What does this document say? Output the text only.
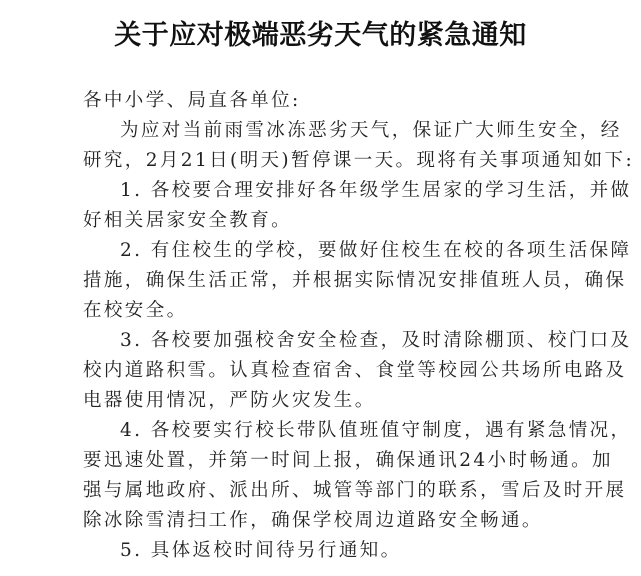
关于应对极端恶劣天气的紧急通知
各中小学、局直各单位:
为应对当前雨雪冰冻恶劣天气，保证广大师生安全，经
研究，2月21日(明天)暂停课一天。现将有关事项通知如下:
1. 各校要合理安排好各年级学生居家的学习生活，并做
好相关居家安全教育。
2. 有住校生的学校，要做好住校生在校的各项生活保障
措施，确保生活正常，并根据实际情况安排值班人员，确保
在校安全。
3. 各校要加强校舍安全检查，及时清除棚顶、校门口及
校内道路积雪。认真检查宿舍、食堂等校园公共场所电路及
电器使用情况，严防火灾发生。
4. 各校要实行校长带队值班值守制度，遇有紧急情况，
要迅速处置，并第一时间上报，确保通讯24小时畅通。加
强与属地政府、派出所、城管等部门的联系，雪后及时开展
除冰除雪清扫工作，确保学校周边道路安全畅通。
5. 具体返校时间待另行通知。
